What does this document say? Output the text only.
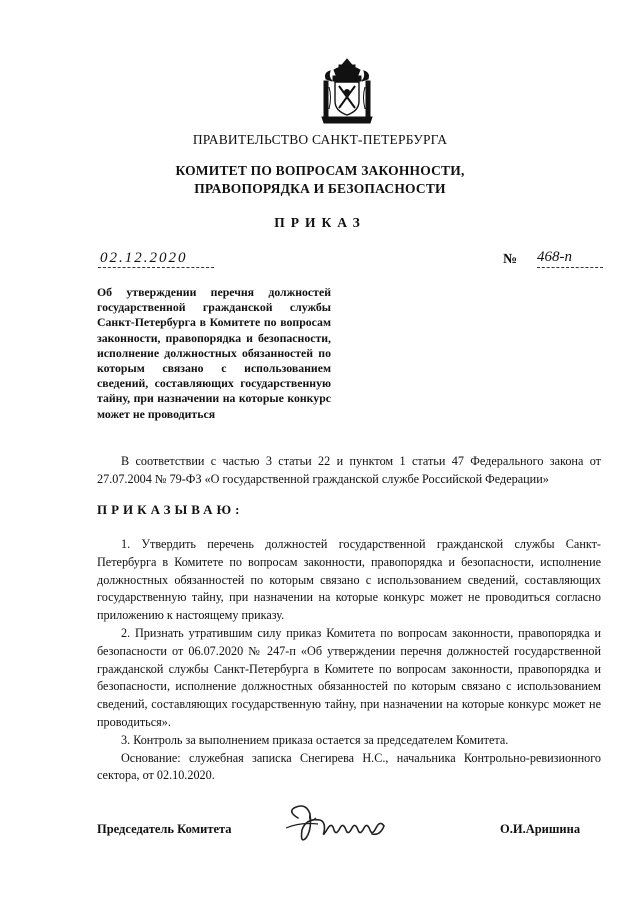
ПРАВИТЕЛЬСТВО САНКТ-ПЕТЕРБУРГА
КОМИТЕТ ПО ВОПРОСАМ ЗАКОННОСТИ,
ПРАВОПОРЯДКА И БЕЗОПАСНОСТИ
ПРИКАЗ
02.12.2020	№ 468-п
Об утверждении перечня должностей государственной гражданской службы Санкт-Петербурга в Комитете по вопросам законности, правопорядка и безопасности, исполнение должностных обязанностей по которым связано с использованием сведений, составляющих государственную тайну, при назначении на которые конкурс может не проводиться
В соответствии с частью 3 статьи 22 и пунктом 1 статьи 47 Федерального закона от 27.07.2004 № 79-ФЗ «О государственной гражданской службе Российской Федерации»
ПРИКАЗЫВАЮ:

1. Утвердить перечень должностей государственной гражданской службы Санкт-Петербурга в Комитете по вопросам законности, правопорядка и безопасности, исполнение должностных обязанностей по которым связано с использованием сведений, составляющих государственную тайну, при назначении на которые конкурс может не проводиться согласно приложению к настоящему приказу.

2. Признать утратившим силу приказ Комитета по вопросам законности, правопорядка и безопасности от 06.07.2020 № 247-п «Об утверждении перечня должностей государственной гражданской службы Санкт-Петербурга в Комитете по вопросам законности, правопорядка и безопасности, исполнение должностных обязанностей по которым связано с использованием сведений, составляющих государственную тайну, при назначении на которые конкурс может не проводиться».

3. Контроль за выполнением приказа остается за председателем Комитета.

Основание: служебная записка Снегирева Н.С., начальника Контрольно-ревизионного сектора, от 02.10.2020.

Председатель Комитета	О.И.Аришина
